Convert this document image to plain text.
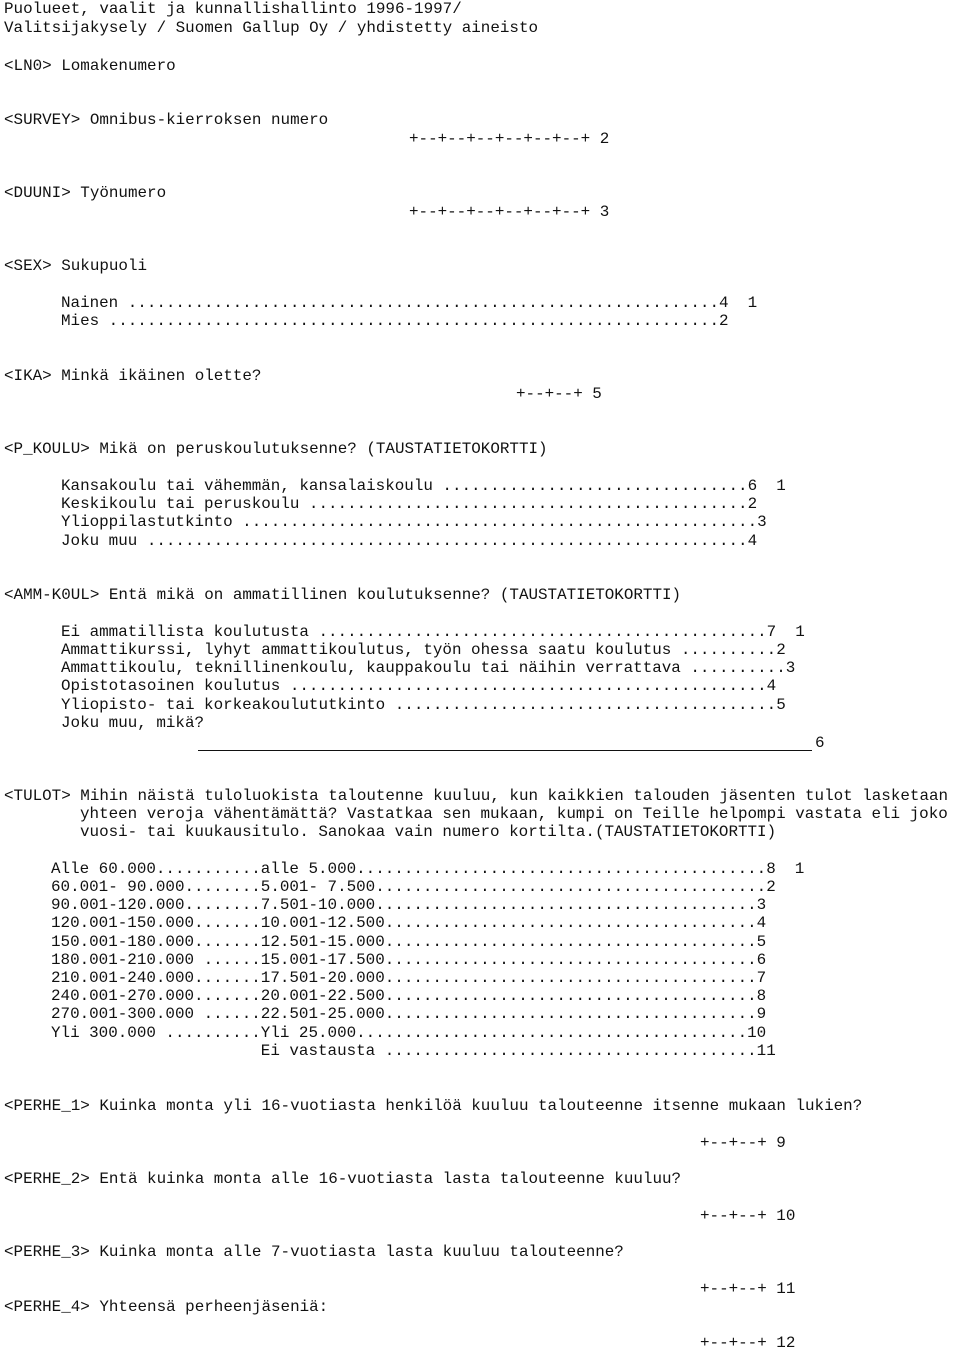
Puolueet, vaalit ja kunnallishallinto 1996-1997/
Valitsijakysely / Suomen Gallup Oy / yhdistetty aineisto
<LN0> Lomakenumero
<SURVEY> Omnibus-kierroksen numero
+--+--+--+--+--+--+ 2
<DUUNI> Työnumero
+--+--+--+--+--+--+ 3
<SEX> Sukupuoli
Nainen ..............................................................4  1
Mies ................................................................2
<IKA> Minkä ikäinen olette?
+--+--+ 5
<P_KOULU> Mikä on peruskoulutuksenne? (TAUSTATIETOKORTTI)
Kansakoulu tai vähemmän, kansalaiskoulu ................................6  1
Keskikoulu tai peruskoulu ..............................................2
Ylioppilastutkinto ......................................................3
Joku muu ...............................................................4
<AMM-K0UL> Entä mikä on ammatillinen koulutuksenne? (TAUSTATIETOKORTTI)
Ei ammatillista koulutusta ...............................................7  1
Ammattikurssi, lyhyt ammattikoulutus, työn ohessa saatu koulutus ..........2
Ammattikoulu, teknillinenkoulu, kauppakoulu tai näihin verrattava ..........3
Opistotasoinen koulutus ..................................................4
Yliopisto- tai korkeakoulututkinto ........................................5
Joku muu, mikä?
6
<TULOT> Mihin näistä tuloluokista taloutenne kuuluu, kun kaikkien talouden jäsenten tulot lasketaan
yhteen veroja vähentämättä? Vastatkaa sen mukaan, kumpi on Teille helpompi vastata eli joko
vuosi- tai kuukausitulo. Sanokaa vain numero kortilta.(TAUSTATIETOKORTTI)
Alle 60.000...........alle 5.000...........................................8  1
60.001- 90.000........5.001- 7.500.........................................2
90.001-120.000........7.501-10.000........................................3
120.001-150.000.......10.001-12.500.......................................4
150.001-180.000.......12.501-15.000.......................................5
180.001-210.000 ......15.001-17.500.......................................6
210.001-240.000.......17.501-20.000.......................................7
240.001-270.000.......20.001-22.500.......................................8
270.001-300.000 ......22.501-25.000.......................................9
Yli 300.000 ..........Yli 25.000.........................................10
Ei vastausta .......................................11
<PERHE_1> Kuinka monta yli 16-vuotiasta henkilöä kuuluu talouteenne itsenne mukaan lukien?
+--+--+ 9
<PERHE_2> Entä kuinka monta alle 16-vuotiasta lasta talouteenne kuuluu?
+--+--+ 10
<PERHE_3> Kuinka monta alle 7-vuotiasta lasta kuuluu talouteenne?
+--+--+ 11
<PERHE_4> Yhteensä perheenjäseniä:
+--+--+ 12
